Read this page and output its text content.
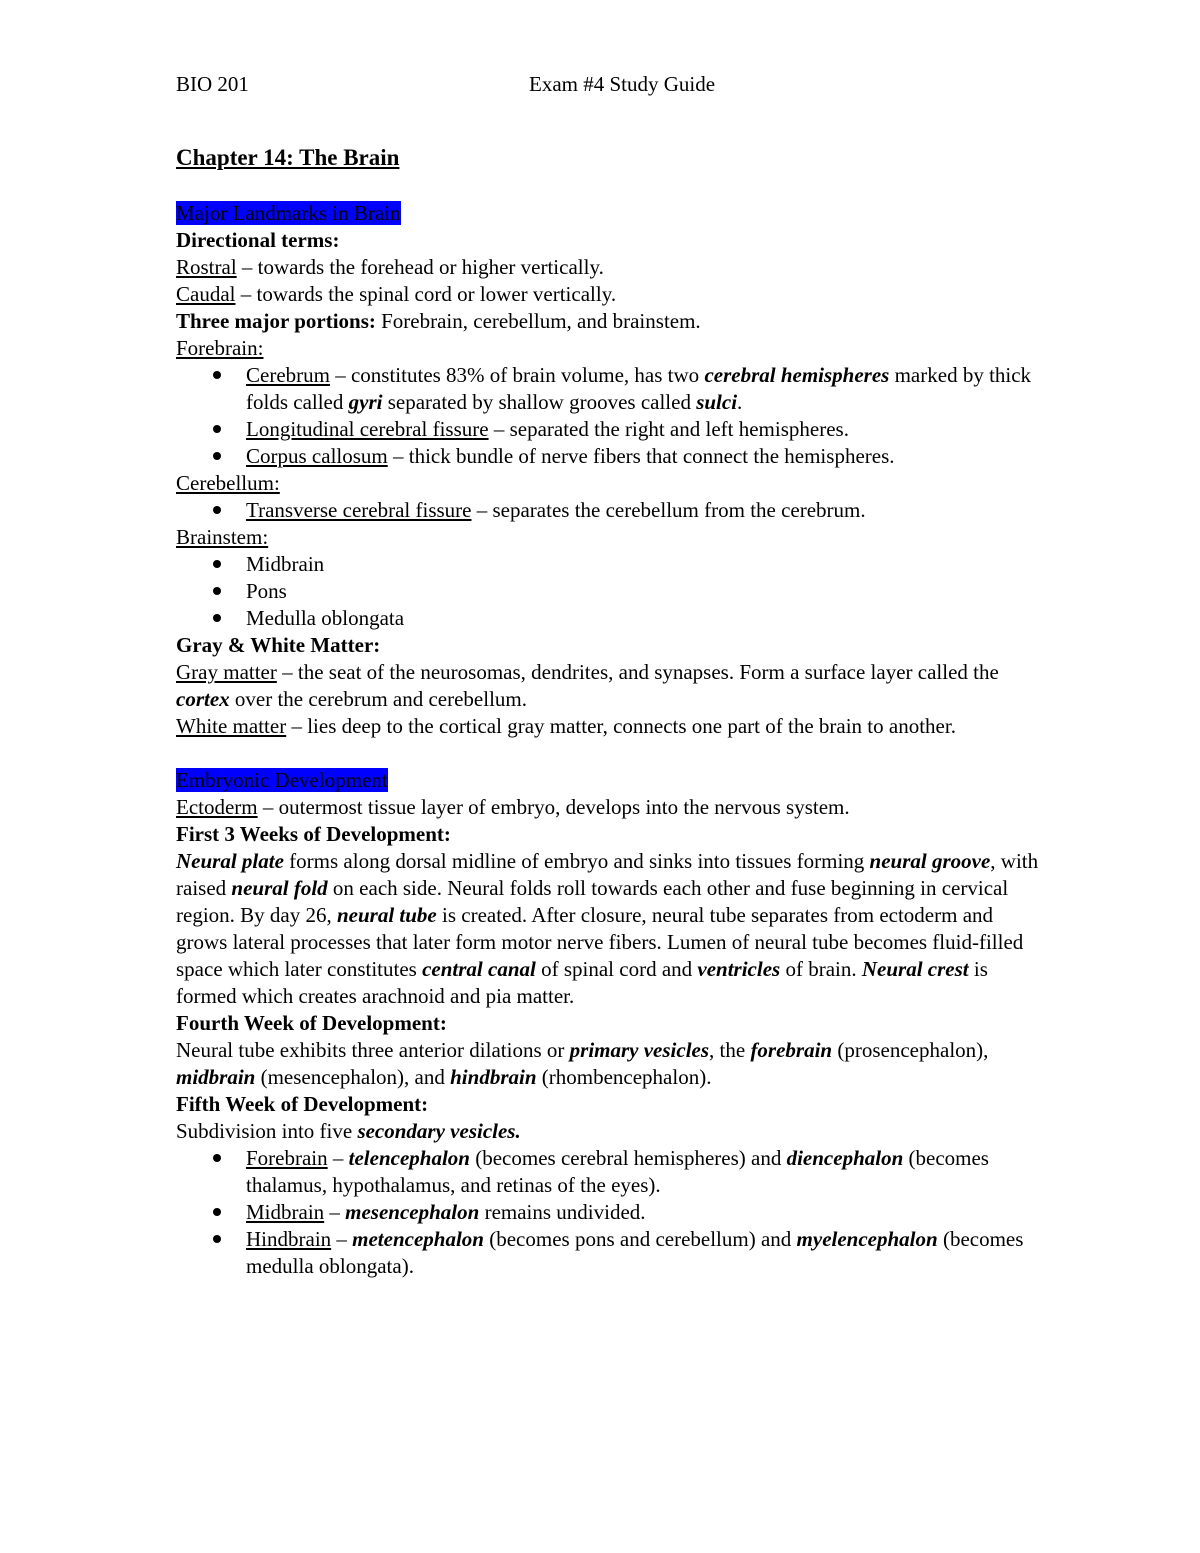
BIO 201	Exam #4 Study Guide
Chapter 14: The Brain

Major Landmarks in Brain

Directional terms:

Rostral – towards the forehead or higher vertically.

Caudal – towards the spinal cord or lower vertically.

Three major portions: Forebrain, cerebellum, and brainstem.

Forebrain:

Cerebrum – constitutes 83% of brain volume, has two cerebral hemispheres marked by thick folds called gyri separated by shallow grooves called sulci.
Longitudinal cerebral fissure – separated the right and left hemispheres.
Corpus callosum – thick bundle of nerve fibers that connect the hemispheres.

Cerebellum:

Transverse cerebral fissure – separates the cerebellum from the cerebrum.

Brainstem:

Midbrain
Pons
Medulla oblongata

Gray & White Matter:

Gray matter – the seat of the neurosomas, dendrites, and synapses. Form a surface layer called the cortex over the cerebrum and cerebellum.

White matter – lies deep to the cortical gray matter, connects one part of the brain to another.

Embryonic Development

Ectoderm – outermost tissue layer of embryo, develops into the nervous system.

First 3 Weeks of Development:

Neural plate forms along dorsal midline of embryo and sinks into tissues forming neural groove, with raised neural fold on each side. Neural folds roll towards each other and fuse beginning in cervical region. By day 26, neural tube is created. After closure, neural tube separates from ectoderm and grows lateral processes that later form motor nerve fibers. Lumen of neural tube becomes fluid-filled space which later constitutes central canal of spinal cord and ventricles of brain. Neural crest is formed which creates arachnoid and pia matter.

Fourth Week of Development:

Neural tube exhibits three anterior dilations or primary vesicles, the forebrain (prosencephalon), midbrain (mesencephalon), and hindbrain (rhombencephalon).

Fifth Week of Development:

Subdivision into five secondary vesicles.

Forebrain – telencephalon (becomes cerebral hemispheres) and diencephalon (becomes thalamus, hypothalamus, and retinas of the eyes).
Midbrain – mesencephalon remains undivided.
Hindbrain – metencephalon (becomes pons and cerebellum) and myelencephalon (becomes medulla oblongata).
